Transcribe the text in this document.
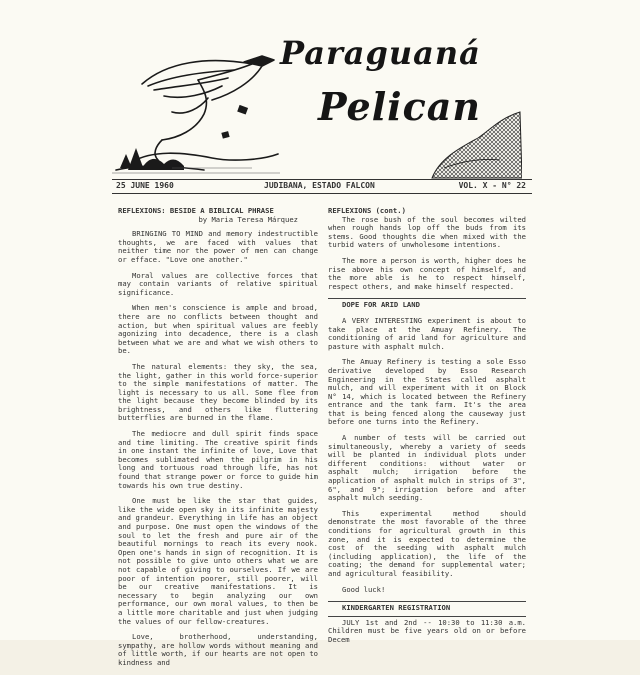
Paraguaná
Pelican
25 JUNE 1960	JUDIBANA, ESTADO FALCON	VOL. X - N° 22

REFLEXIONS: BESIDE A BIBLICAL PHRASE

by Maria Teresa Márquez

BRINGING TO MIND and memory indestructible thoughts, we are faced with values that neither time nor the power of men can change or efface. "Love one another."

Moral values are collective forces that may contain variants of relative spiritual significance.

When men's conscience is ample and broad, there are no conflicts between thought and action, but when spiritual values are feebly agonizing into decadence, there is a clash between what we are and what we wish others to be.

The natural elements: they sky, the sea, the light, gather in this world force-superior to the simple manifestations of matter. The light is necessary to us all. Some flee from the light because they become blinded by its brightness, and others like fluttering butterflies are burned in the flame.

The mediocre and dull spirit finds space and time limiting. The creative spirit finds in one instant the infinite of love, Love that becomes sublimated when the pilgrim in his long and tortuous road through life, has not found that strange power or force to guide him towards his own true destiny.

One must be like the star that guides, like the wide open sky in its infinite majesty and grandeur. Everything in life has an object and purpose. One must open the windows of the soul to let the fresh and pure air of the beautiful mornings to reach its every nook. Open one's hands in sign of recognition. It is not possible to give unto others what we are not capable of giving to ourselves. If we are poor of intention poorer, still poorer, will be our creative manifestations. It is necessary to begin analyzing our own performance, our own moral values, to then be a little more charitable and just when judging the values of our fellow-creatures.

Love, brotherhood, understanding, sympathy, are hollow words without meaning and of little worth, if our hearts are not open to kindness and

REFLEXIONS (cont.)

The rose bush of the soul becomes wilted when rough hands lop off the buds from its stems. Good thoughts die when mixed with the turbid waters of unwholesome intentions.

The more a person is worth, higher does he rise above his own concept of himself, and the more able is he to respect himself, respect others, and make himself respected.

DOPE FOR ARID LAND

A VERY INTERESTING experiment is about to take place at the Amuay Refinery. The conditioning of arid land for agriculture and pasture with asphalt mulch.

The Amuay Refinery is testing a sole Esso derivative developed by Esso Research Engineering in the States called asphalt mulch, and will experiment with it on Block N° 14, which is located between the Refinery entrance and the tank farm. It's the area that is being fenced along the causeway just before one turns into the Refinery.

A number of tests will be carried out simultaneously, whereby a variety of seeds will be planted in individual plots under different conditions: without water or asphalt mulch; irrigation before the application of asphalt mulch in strips of 3", 6", and 9"; irrigation before and after asphalt mulch seeding.

This experimental method should demonstrate the most favorable of the three conditions for agricultural growth in this zone, and it is expected to determine the cost of the seeding with asphalt mulch (including application), the life of the coating; the demand for supplemental water; and agricultural feasibility.

Good luck!

KINDERGARTEN REGISTRATION

JULY 1st and 2nd -- 10:30 to 11:30 a.m. Children must be five years old on or before Decem
